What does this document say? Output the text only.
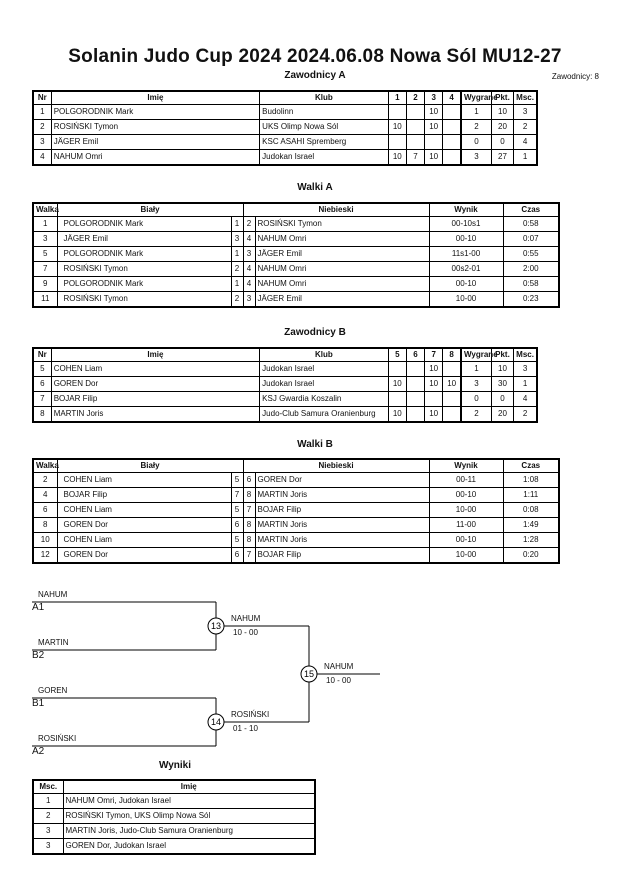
Solanin Judo Cup 2024 2024.06.08 Nowa Sól MU12-27
Zawodnicy: 8
Zawodnicy A
Nr	Imię	Klub	1	2	3	4	Wygrane	Pkt.	Msc.
1	POLGORODNIK Mark	Budolinn			10		1	10	3
2	ROSIŃSKI Tymon	UKS Olimp Nowa Sól	10		10		2	20	2
3	JÄGER Emil	KSC ASAHI Spremberg					0	0	4
4	NAHUM Omri	Judokan Israel	10	7	10		3	27	1
Walki A
Walka	Biały		Niebieski		Wynik	Czas
1	POLGORODNIK Mark	1	2	ROSIŃSKI Tymon	00-10s1	0:58
3	JÄGER Emil	3	4	NAHUM Omri	00-10	0:07
5	POLGORODNIK Mark	1	3	JÄGER Emil	11s1-00	0:55
7	ROSIŃSKI Tymon	2	4	NAHUM Omri	00s2-01	2:00
9	POLGORODNIK Mark	1	4	NAHUM Omri	00-10	0:58
11	ROSIŃSKI Tymon	2	3	JÄGER Emil	10-00	0:23
Zawodnicy B
Nr	Imię	Klub	5	6	7	8	Wygrane	Pkt.	Msc.
5	COHEN Liam	Judokan Israel			10		1	10	3
6	GOREN Dor	Judokan Israel	10		10	10	3	30	1
7	BOJAR Filip	KSJ Gwardia Koszalin					0	0	4
8	MARTIN Joris	Judo-Club Samura Oranienburg	10		10		2	20	2
Walki B
Walka	Biały		Niebieski		Wynik	Czas
2	COHEN Liam	5	6	GOREN Dor	00-11	1:08
4	BOJAR Filip	7	8	MARTIN Joris	00-10	1:11
6	COHEN Liam	5	7	BOJAR Filip	10-00	0:08
8	GOREN Dor	6	8	MARTIN Joris	11-00	1:49
10	COHEN Liam	5	8	MARTIN Joris	00-10	1:28
12	GOREN Dor	6	7	BOJAR Filip	10-00	0:20
13
14
15
NAHUM
A1
MARTIN
B2
GOREN
B1
ROSIŃSKI
A2
NAHUM
10 - 00
ROSIŃSKI
01 - 10
NAHUM
10 - 00
Wyniki
Msc.	Imię
1	NAHUM Omri, Judokan Israel
2	ROSIŃSKI Tymon, UKS Olimp Nowa Sól
3	MARTIN Joris, Judo-Club Samura Oranienburg
3	GOREN Dor, Judokan Israel
